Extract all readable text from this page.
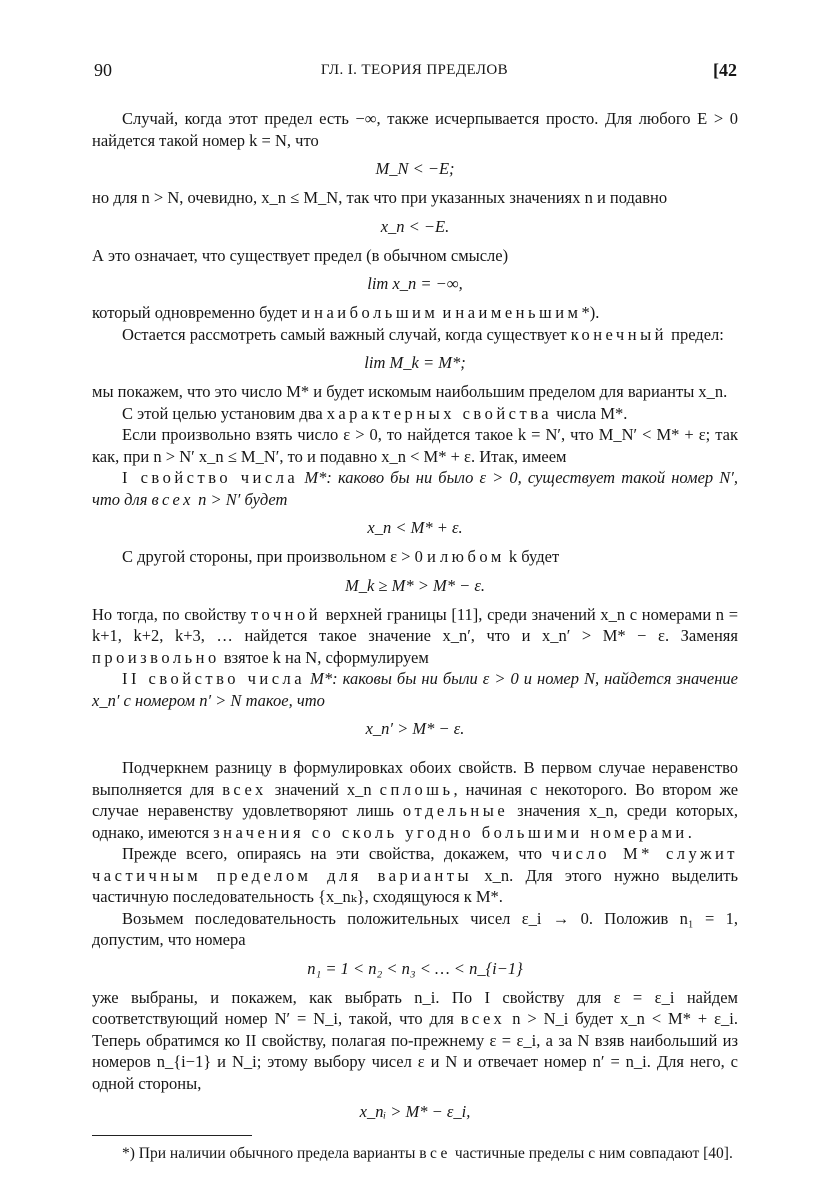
90	ГЛ. I. ТЕОРИЯ ПРЕДЕЛОВ	[42

Случай, когда этот предел есть −∞, также исчерпывается просто. Для любого E > 0 найдется такой номер k = N, что

M_N < −E;

но для n > N, очевидно, x_n ≤ M_N, так что при указанных значениях n и подавно

x_n < −E.

А это означает, что существует предел (в обычном смысле)

lim x_n = −∞,

который одновременно будет и наибольшим и наименьшим*).

Остается рассмотреть самый важный случай, когда существует конечный предел:

lim M_k = M*;

мы покажем, что это число M* и будет искомым наибольшим пределом для варианты x_n.

С этой целью установим два характерных свойства числа M*.

Если произвольно взять число ε > 0, то найдется такое k = N′, что M_N′ < M* + ε; так как, при n > N′ x_n ≤ M_N′, то и подавно x_n < M* + ε. Итак, имеем

I свойство числа M*: каково бы ни было ε > 0, существует такой номер N′, что для всех n > N′ будет

x_n < M* + ε.

С другой стороны, при произвольном ε > 0 и любом k будет

M_k ≥ M* > M* − ε.

Но тогда, по свойству точной верхней границы [11], среди значений x_n с номерами n = k+1, k+2, k+3, … найдется такое значение x_n′, что и x_n′ > M* − ε. Заменяя произвольно взятое k на N, сформулируем

II свойство числа M*: каковы бы ни были ε > 0 и номер N, найдется значение x_n′ с номером n′ > N такое, что

x_n′ > M* − ε.

Подчеркнем разницу в формулировках обоих свойств. В первом случае неравенство выполняется для всех значений x_n сплошь, начиная с некоторого. Во втором же случае неравенству удовлетворяют лишь отдельные значения x_n, среди которых, однако, имеются значения со сколь угодно большими номерами.

Прежде всего, опираясь на эти свойства, докажем, что число M* служит частичным пределом для варианты x_n. Для этого нужно выделить частичную последовательность {x_nₖ}, сходящуюся к M*.

Возьмем последовательность положительных чисел ε_i → 0. Положив n₁ = 1, допустим, что номера

n₁ = 1 < n₂ < n₃ < … < n_{i−1}

уже выбраны, и покажем, как выбрать n_i. По I свойству для ε = ε_i найдем соответствующий номер N′ = N_i, такой, что для всех n > N_i будет x_n < M* + ε_i. Теперь обратимся ко II свойству, полагая по-прежнему ε = ε_i, а за N взяв наибольший из номеров n_{i−1} и N_i; этому выбору чисел ε и N и отвечает номер n′ = n_i. Для него, с одной стороны,

x_nᵢ > M* − ε_i,

*) При наличии обычного предела варианты все частичные пределы с ним совпадают [40].
